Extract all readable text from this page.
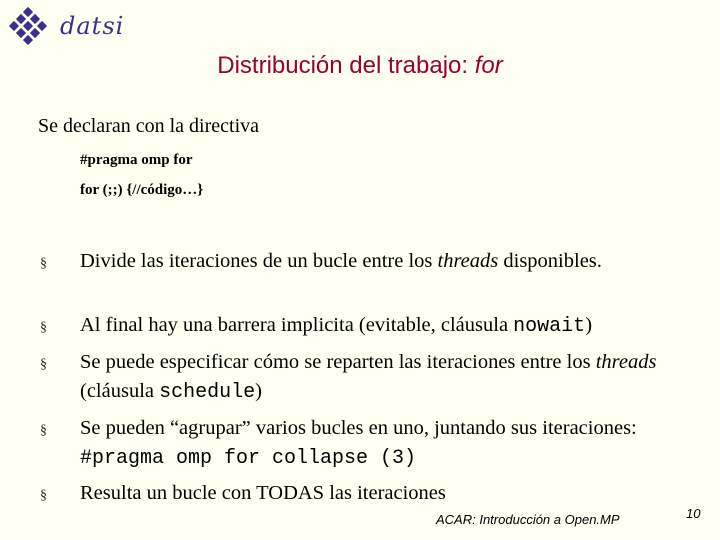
datsi
Distribución del trabajo: for
Se declaran con la directiva
#pragma omp for
for (;;) {//código…}
§ Divide las iteraciones de un bucle entre los threads disponibles.
§ Al final hay una barrera implicita (evitable, cláusula nowait)
§ Se puede especificar cómo se reparten las iteraciones entre los threads (cláusula schedule)
§ Se pueden “agrupar” varios bucles en uno, juntando sus iteraciones: #pragma omp for collapse (3)
§ Resulta un bucle con TODAS las iteraciones
ACAR: Introducción a Open.MP	10
